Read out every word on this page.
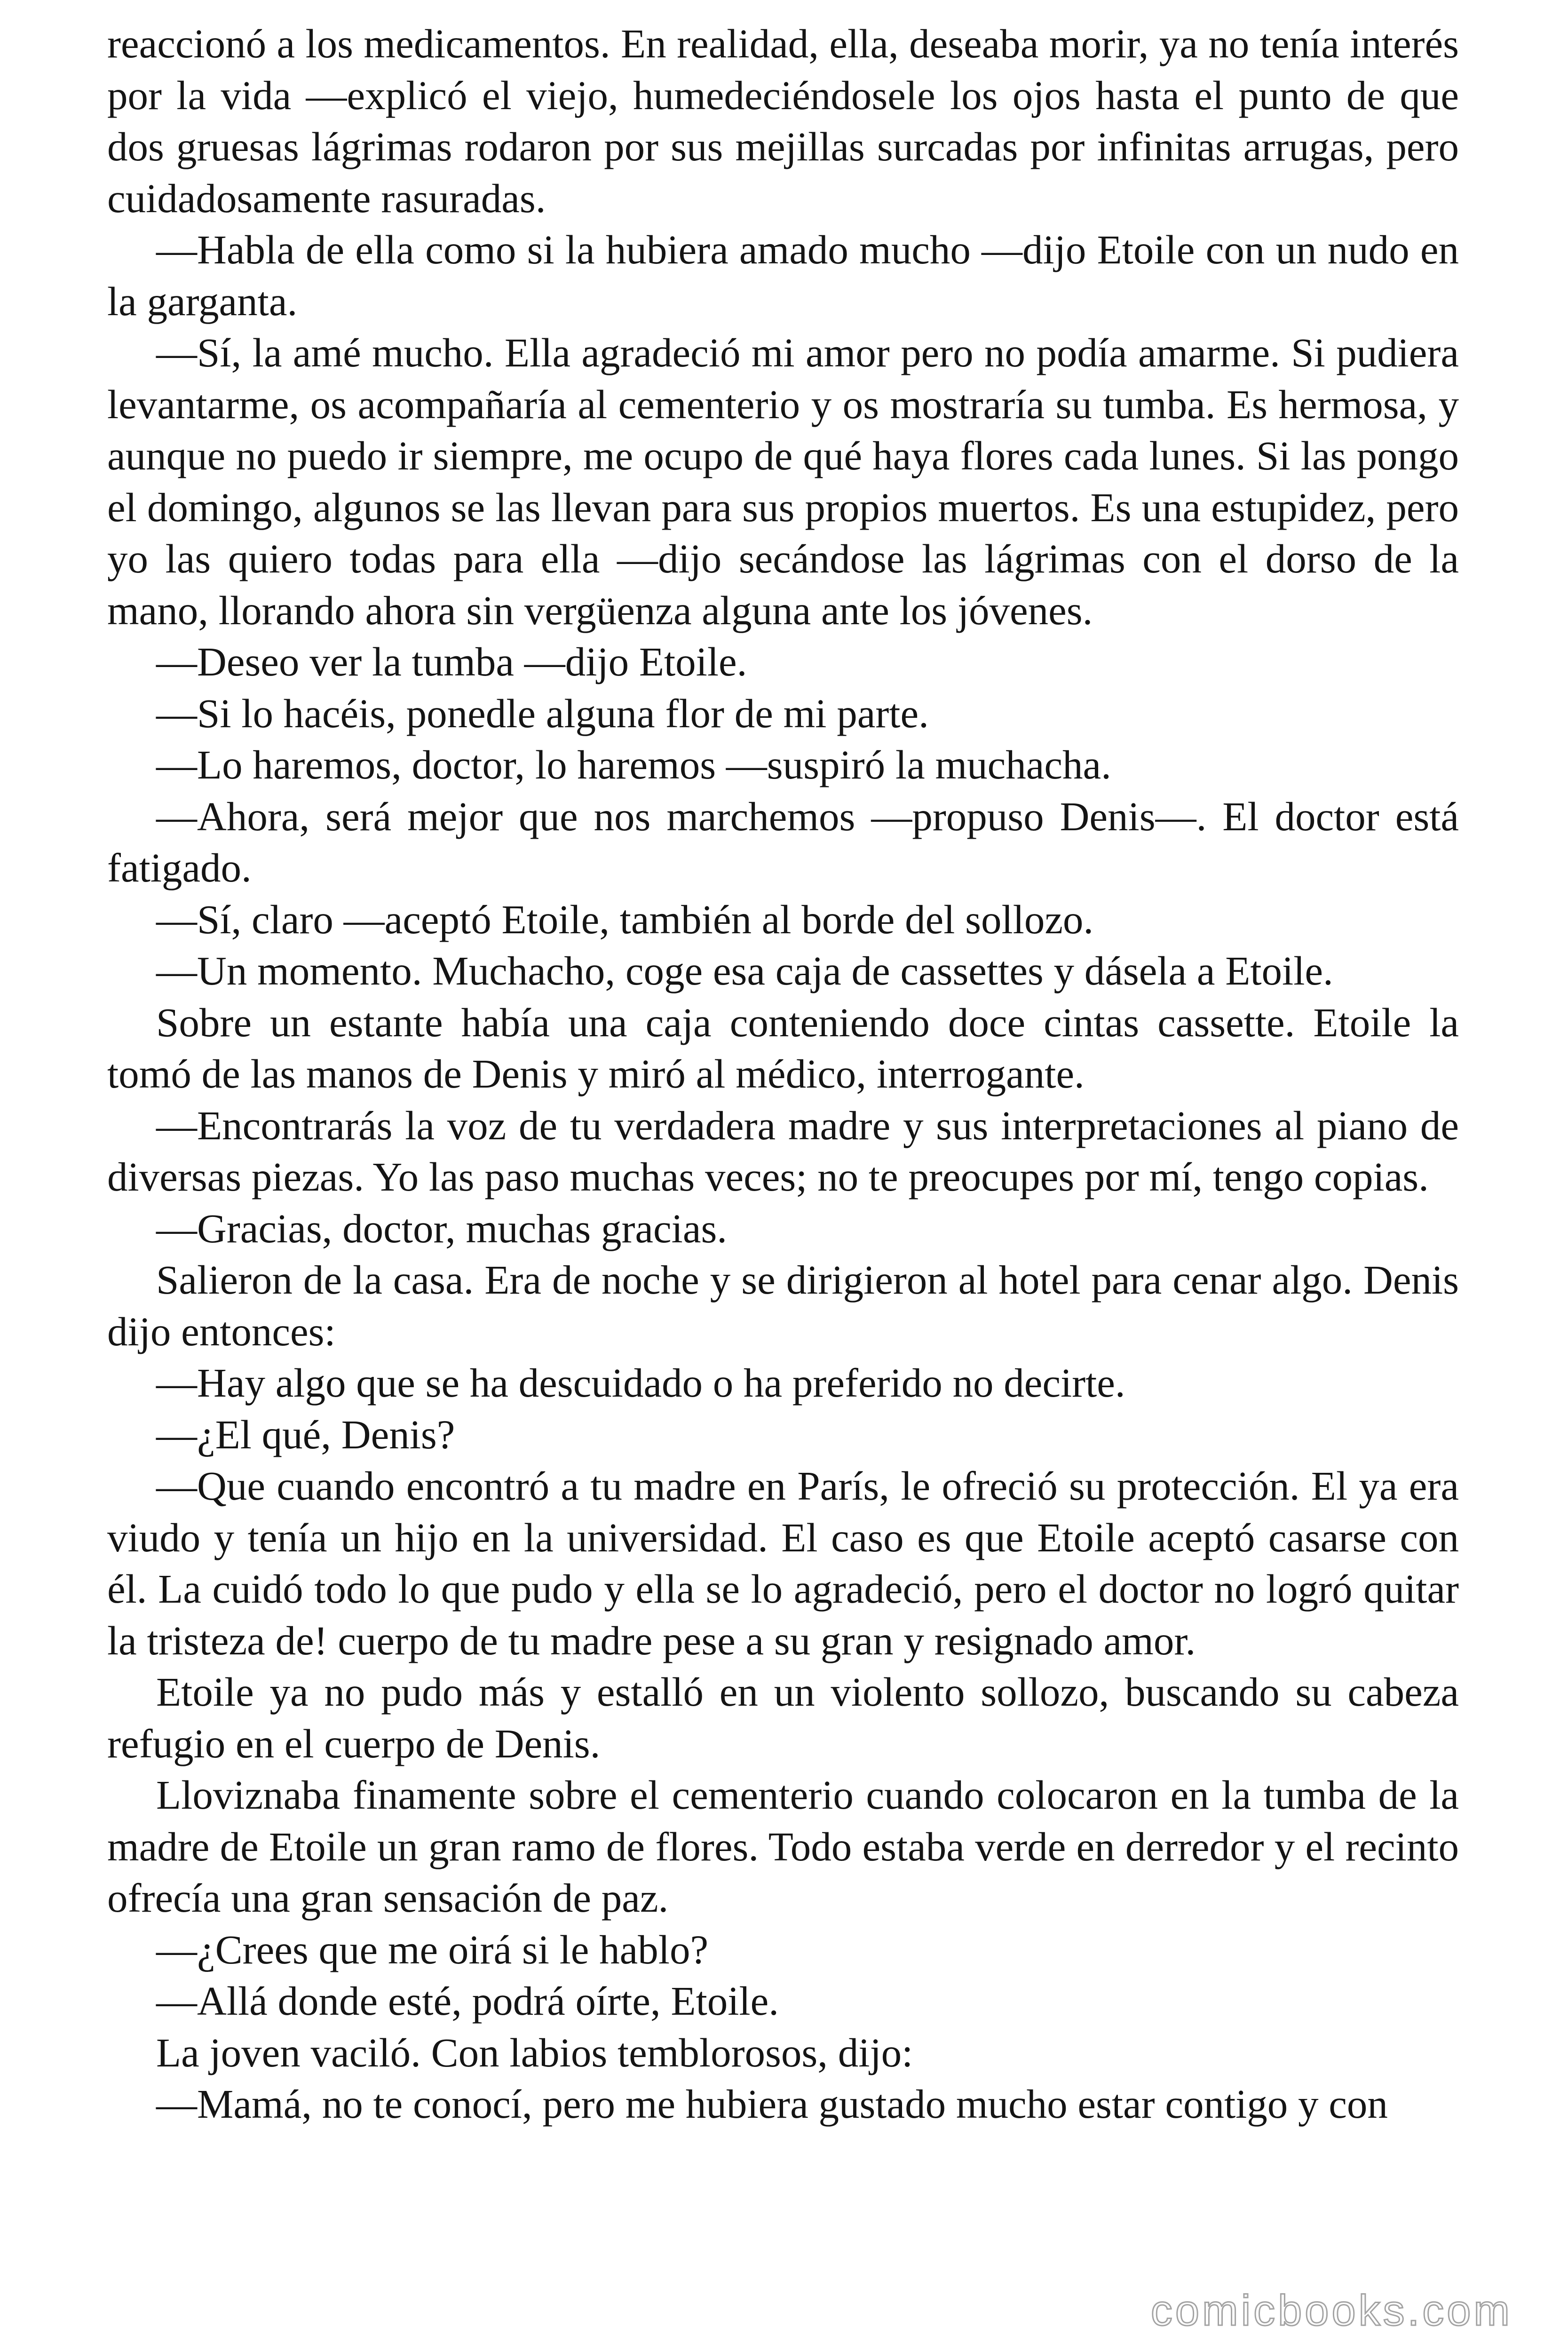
reaccionó a los medicamentos. En realidad, ella, deseaba morir, ya no tenía interés por la vida —explicó el viejo, humedeciéndosele los ojos hasta el punto de que dos gruesas lágrimas rodaron por sus mejillas surcadas por infinitas arrugas, pero cuidadosamente rasuradas.

—Habla de ella como si la hubiera amado mucho —dijo Etoile con un nudo en la garganta.

—Sí, la amé mucho. Ella agradeció mi amor pero no podía amarme. Si pudiera levantarme, os acompañaría al cementerio y os mostraría su tumba. Es hermosa, y aunque no puedo ir siempre, me ocupo de qué haya flores cada lunes. Si las pongo el domingo, algunos se las llevan para sus propios muertos. Es una estupidez, pero yo las quiero todas para ella —dijo secándose las lágrimas con el dorso de la mano, llorando ahora sin vergüenza alguna ante los jóvenes.

—Deseo ver la tumba —dijo Etoile.

—Si lo hacéis, ponedle alguna flor de mi parte.

—Lo haremos, doctor, lo haremos —suspiró la muchacha.

—Ahora, será mejor que nos marchemos —propuso Denis—. El doctor está fatigado.

—Sí, claro —aceptó Etoile, también al borde del sollozo.

—Un momento. Muchacho, coge esa caja de cassettes y dásela a Etoile.

Sobre un estante había una caja conteniendo doce cintas cassette. Etoile la tomó de las manos de Denis y miró al médico, interrogante.

—Encontrarás la voz de tu verdadera madre y sus interpretaciones al piano de diversas piezas. Yo las paso muchas veces; no te preocupes por mí, tengo copias.

—Gracias, doctor, muchas gracias.

Salieron de la casa. Era de noche y se dirigieron al hotel para cenar algo. Denis dijo entonces:

—Hay algo que se ha descuidado o ha preferido no decirte.

—¿El qué, Denis?

—Que cuando encontró a tu madre en París, le ofreció su protección. El ya era viudo y tenía un hijo en la universidad. El caso es que Etoile aceptó casarse con él. La cuidó todo lo que pudo y ella se lo agradeció, pero el doctor no logró quitar la tristeza de! cuerpo de tu madre pese a su gran y resignado amor.

Etoile ya no pudo más y estalló en un violento sollozo, buscando su cabeza refugio en el cuerpo de Denis.

Lloviznaba finamente sobre el cementerio cuando colocaron en la tumba de la madre de Etoile un gran ramo de flores. Todo estaba verde en derredor y el recinto ofrecía una gran sensación de paz.

—¿Crees que me oirá si le hablo?

—Allá donde esté, podrá oírte, Etoile.

La joven vaciló. Con labios temblorosos, dijo:

—Mamá, no te conocí, pero me hubiera gustado mucho estar contigo y con

comicbooks.com
